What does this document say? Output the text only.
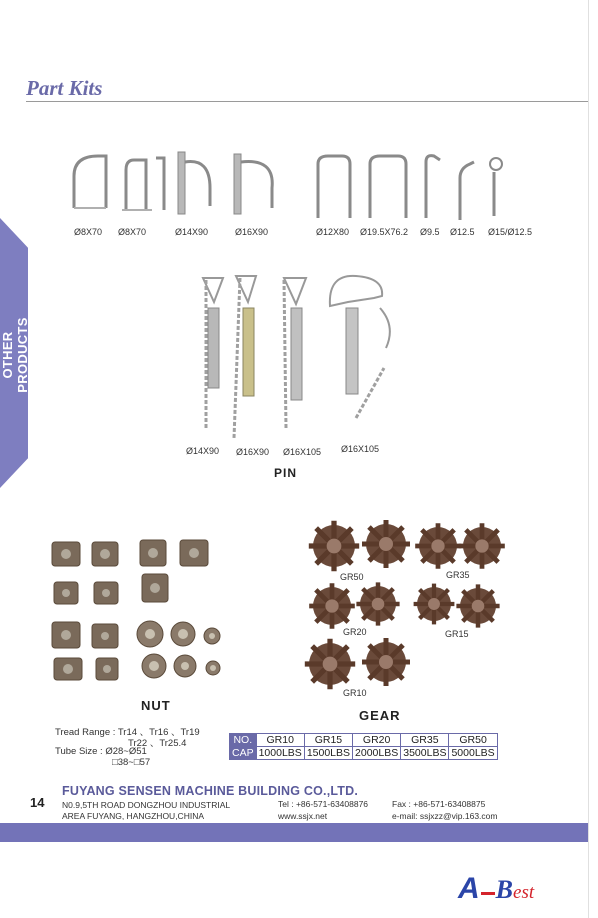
Part Kits
OTHER PRODUCTS
Ø8X70 Ø8X70	Ø14X90	Ø16X90	Ø12X80 Ø19.5X76.2 Ø9.5 Ø12.5 Ø15/Ø12.5
Ø14X90 Ø16X90 Ø16X105 Ø16X105
PIN
NUT
Tread Range : Tr14 、Tr16 、Tr19
Tr22 、Tr25.4
Tube Size : Ø28~Ø51
□38~□57
GR50	GR35
GR20	GR15
GR10
GEAR
NO.	GR10	GR15	GR20	GR35	GR50
CAP	1000LBS	1500LBS	2000LBS	3500LBS	5000LBS
14
FUYANG SENSEN MACHINE BUILDING CO.,LTD.
N0.9,5TH ROAD DONGZHOU INDUSTRIAL
AREA FUYANG, HANGZHOU,CHINA
Tel : +86-571-63408876
www.ssjx.net
Fax : +86-571-63408875
e-mail: ssjxzz@vip.163.com
A Best
